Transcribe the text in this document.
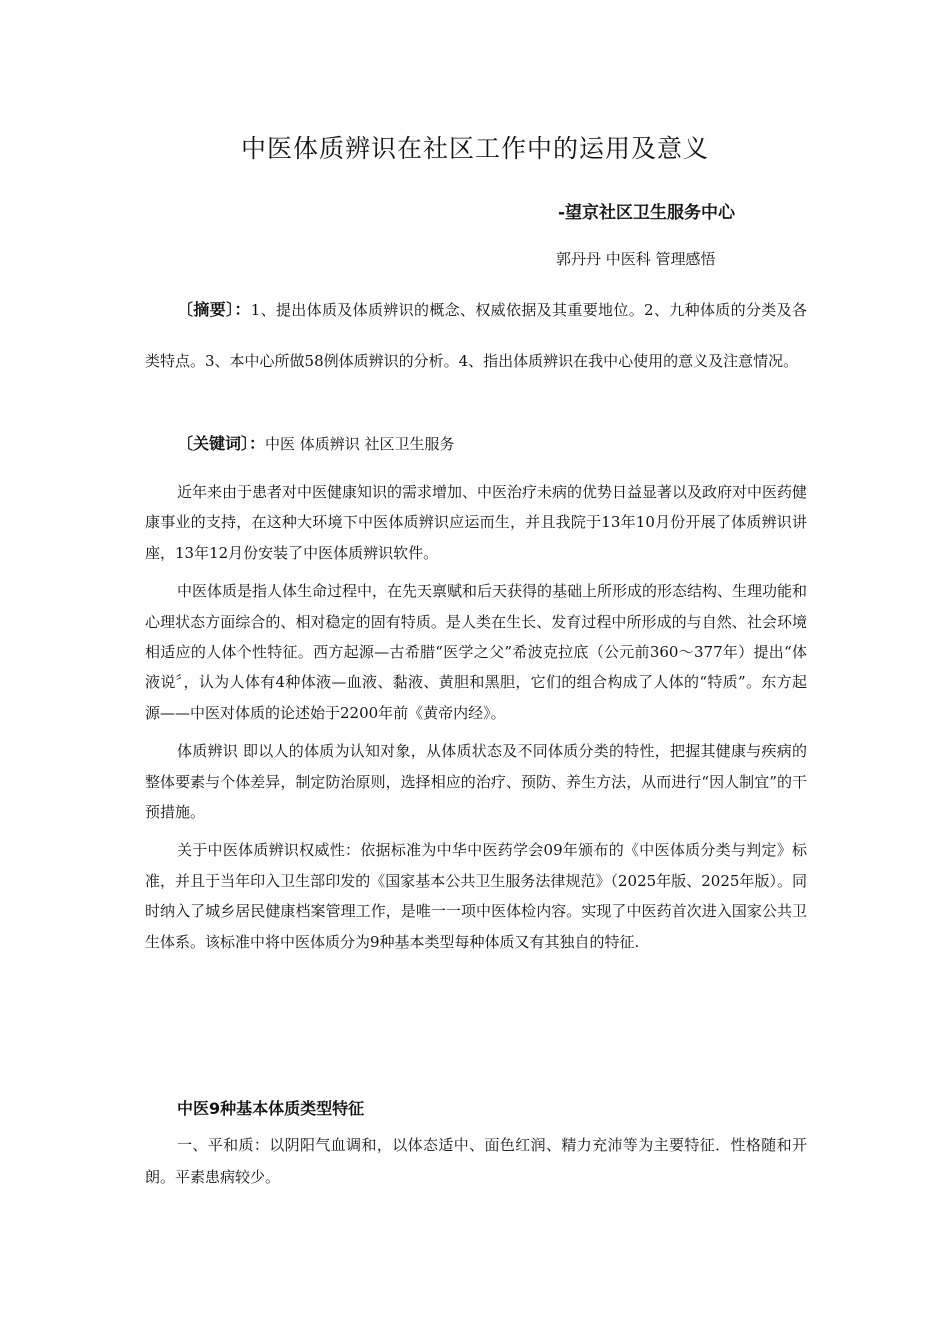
中医体质辨识在社区工作中的运用及意义
-望京社区卫生服务中心
郭丹丹 中医科 管理感悟

〔摘要〕：1、提出体质及体质辨识的概念、权威依据及其重要地位。2、九种体质的分类及各类特点。3、本中心所做58例体质辨识的分析。4、指出体质辨识在我中心使用的意义及注意情况。

〔关键词〕：中医 体质辨识 社区卫生服务

近年来由于患者对中医健康知识的需求增加、中医治疗未病的优势日益显著以及政府对中医药健康事业的支持，在这种大环境下中医体质辨识应运而生，并且我院于13年10月份开展了体质辨识讲座，13年12月份安装了中医体质辨识软件。

中医体质是指人体生命过程中，在先天禀赋和后天获得的基础上所形成的形态结构、生理功能和心理状态方面综合的、相对稳定的固有特质。是人类在生长、发育过程中所形成的与自然、社会环境相适应的人体个性特征。西方起源—古希腊“医学之父”希波克拉底（公元前360～377年）提出“体液说〞，认为人体有4种体液—血液、黏液、黄胆和黑胆，它们的组合构成了人体的“特质”。东方起源——中医对体质的论述始于2200年前《黄帝内经》。

体质辨识 即以人的体质为认知对象，从体质状态及不同体质分类的特性，把握其健康与疾病的整体要素与个体差异，制定防治原则，选择相应的治疗、预防、养生方法，从而进行“因人制宜”的干预措施。

关于中医体质辨识权威性：依据标准为中华中医药学会09年颁布的《中医体质分类与判定》标准，并且于当年印入卫生部印发的《国家基本公共卫生服务法律规范》（2025年版、2025年版）。同时纳入了城乡居民健康档案管理工作，是唯一一项中医体检内容。实现了中医药首次进入国家公共卫生体系。该标准中将中医体质分为9种基本类型每种体质又有其独自的特征.

中医9种基本体质类型特征

一、平和质：以阴阳气血调和，以体态适中、面色红润、精力充沛等为主要特征．性格随和开朗。平素患病较少。
